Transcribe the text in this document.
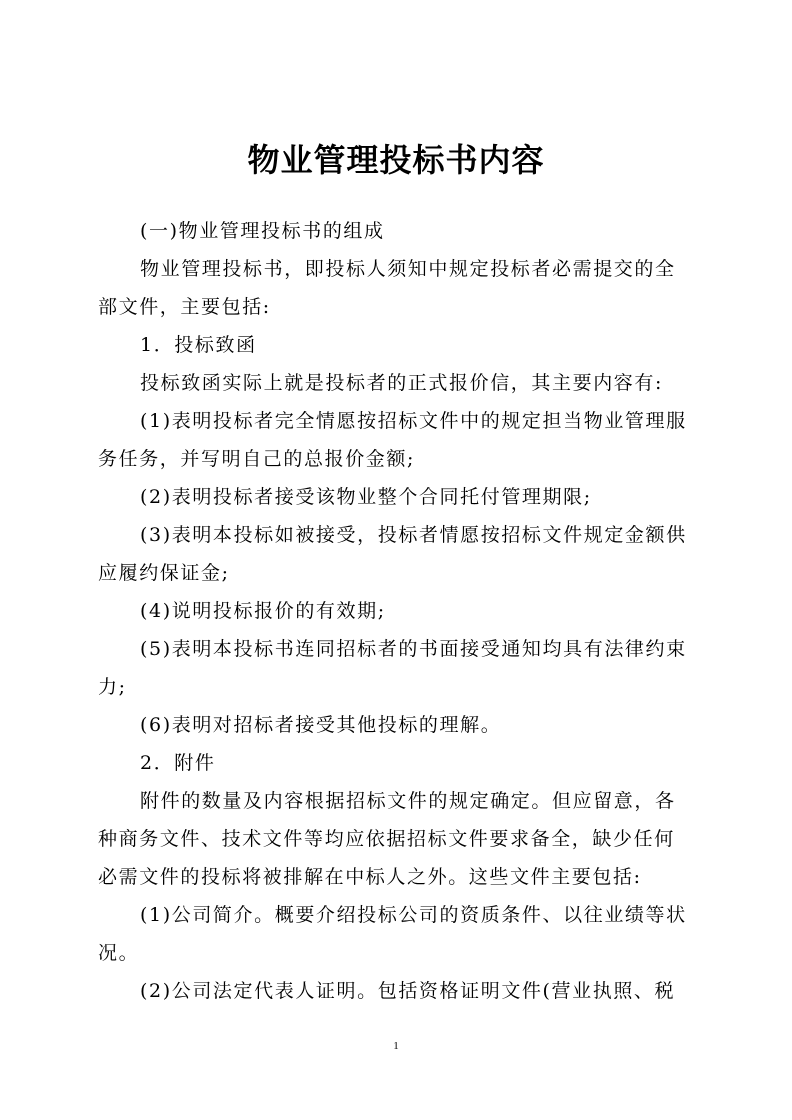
物业管理投标书内容

(一)物业管理投标书的组成

物业管理投标书，即投标人须知中规定投标者必需提交的全部文件，主要包括:

1．投标致函

投标致函实际上就是投标者的正式报价信，其主要内容有:

(1)表明投标者完全情愿按招标文件中的规定担当物业管理服务任务，并写明自己的总报价金额;

(2)表明投标者接受该物业整个合同托付管理期限;

(3)表明本投标如被接受，投标者情愿按招标文件规定金额供应履约保证金;

(4)说明投标报价的有效期;

(5)表明本投标书连同招标者的书面接受通知均具有法律约束力;

(6)表明对招标者接受其他投标的理解。

2．附件

附件的数量及内容根据招标文件的规定确定。但应留意，各种商务文件、技术文件等均应依据招标文件要求备全，缺少任何必需文件的投标将被排解在中标人之外。这些文件主要包括:

(1)公司简介。概要介绍投标公司的资质条件、以往业绩等状况。

(2)公司法定代表人证明。包括资格证明文件(营业执照、税

1
